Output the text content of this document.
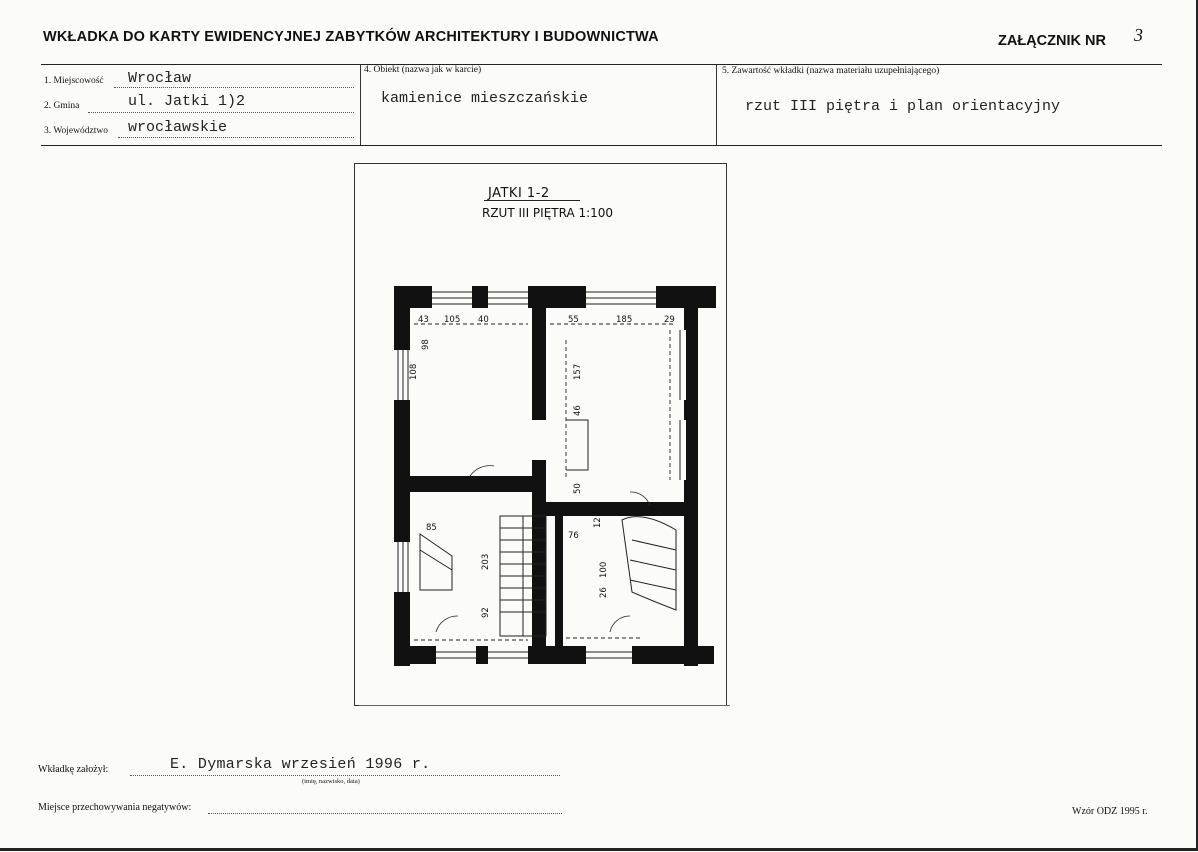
WKŁADKA DO KARTY EWIDENCYJNEJ ZABYTKÓW ARCHITEKTURY I BUDOWNICTWA	ZAŁĄCZNIK NR 3
1. Miejscowość Wrocław
2. Gmina	ul. Jatki 1)2
3. Województwo wrocławskie
4. Obiekt (nazwa jak w karcie)
kamienice mieszczańskie
5. Zawartość wkładki (nazwa materiału uzupełniającego)
rzut III piętra i plan orientacyjny
JATKI 1-2
RZUT III PIĘTRA 1:100
43 105 40	20	55	185	29
108
98
157
46
50
85
203
92
76
12
100
26
Wkładkę założył:	E. Dymarska wrzesień 1996 r.
(imię, nazwisko, data)
Miejsce przechowywania negatywów:	Wzór ODZ 1995 r.
